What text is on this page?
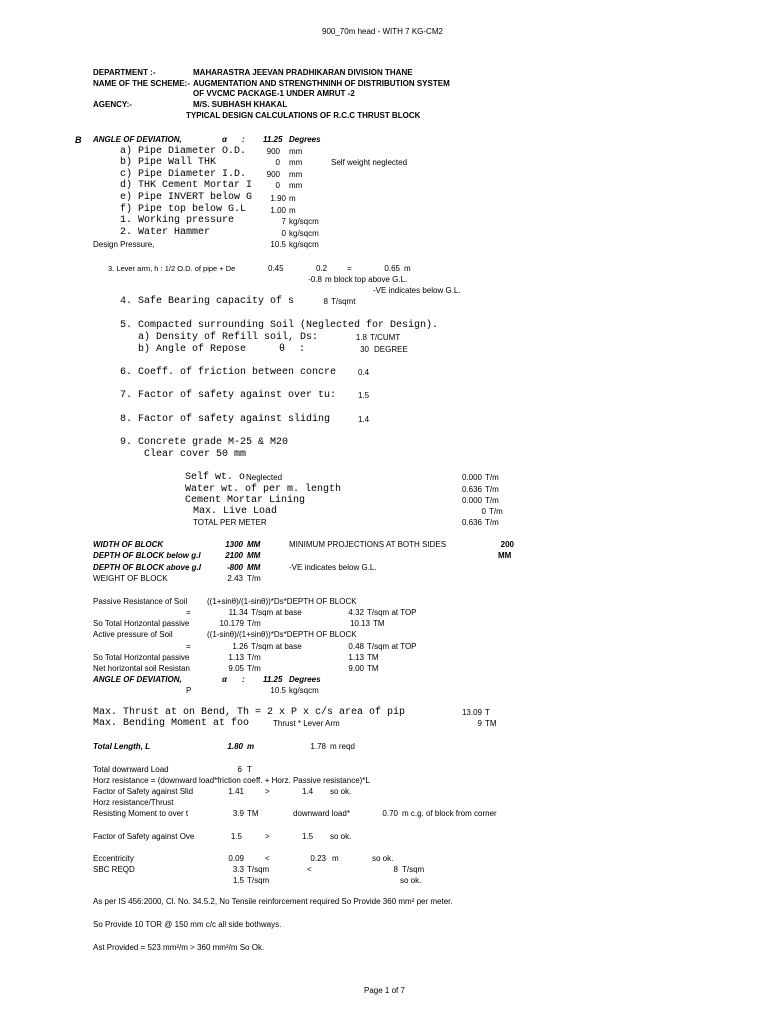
900_70m head - WITH 7 KG-CM2
DEPARTMENT :-	MAHARASTRA JEEVAN PRADHIKARAN DIVISION THANE
NAME OF THE SCHEME:- AUGMENTATION AND STRENGTHNINH OF DISTRIBUTION SYSTEM
OF VVCMC PACKAGE-1 UNDER AMRUT -2
AGENCY:-	M/S. SUBHASH KHAKAL
TYPICAL DESIGN CALCULATIONS OF R.C.C THRUST BLOCK
B ANGLE OF DEVIATION,	α : 11.25 Degrees
a) Pipe Diameter O.D.	900 mm
b) Pipe Wall THK	0 mm	Self weight neglected
c) Pipe Diameter I.D.	900 mm
d) THK Cement Mortar I	0 mm
e) Pipe INVERT below G	1.90 m
f) Pipe top below G.L	1.00 m
1. Working pressure	7 kg/sqcm
2. Water Hammer	0 kg/sqcm
Design Pressure,	10.5 kg/sqcm
3. Lever arm, h : 1/2 O.D. of pipe + De	0.45	0.2 =	0.65 m
-0.8 m block top above G.L.
-VE indicates below G.L.
4. Safe Bearing capacity of s	8 T/sqmt
5. Compacted surrounding Soil (Neglected for Design).
a) Density of Refill soil, Ds:	1.8 T/CUMT
b) Angle of Repose	θ :	30 DEGREE
6. Coeff. of friction between concre	0.4
7. Factor of safety against over tu:	1.5
8. Factor of safety against sliding	1.4
9. Concrete grade M-25 & M20
Clear cover 50 mm
Self wt. o Neglected	0.000 T/m
Water wt. of per m. length	0.636 T/m
Cement Mortar Lining	0.000 T/m
Max. Live Load	0 T/m
TOTAL PER METER	0.636 T/m
WIDTH OF BLOCK	1300 MM	MINIMUM PROJECTIONS AT BOTH SIDES	200
MM
DEPTH OF BLOCK below g.l	2100 MM
DEPTH OF BLOCK above g.l	-800 MM	-VE indicates below G.L.
WEIGHT OF BLOCK	2.43 T/m
Passive Resistance of Soil ((1+sinθ)/(1-sinθ))*Ds*DEPTH OF BLOCK
=	11.34 T/sqm at base	4.32 T/sqm at TOP
So Total Horizontal passive	10.179 T/m	10.13 TM
Active pressure of Soil	((1-sinθ)/(1+sinθ))*Ds*DEPTH OF BLOCK
=	1.26 T/sqm at base	0.48 T/sqm at TOP
So Total Horizontal passive	1.13 T/m	1.13 TM
Net horizontal soil Resistan	9.05 T/m	9.00 TM
ANGLE OF DEVIATION,	α : 11.25 Degrees
P	10.5 kg/sqcm
Max. Thrust at on Bend, Th = 2 x P x c/s area of pip	13.09 T
Max. Bending Moment at foo	Thrust * Lever Arm	9 TM
Total Length, L	1.80 m	1.78 m reqd
Total downward Load	6 T
Horz resistance = (downward load*friction coeff. + Horz. Passive resistance)*L
Factor of Safety against Slid	1.41	>	1.4 so ok.
Horz resistance/Thrust
Resisting Moment to over t	3.9 TM	downward load*	0.70 m c.g. of block from corner
Factor of Safety against Ove	1.5	>	1.5 so ok.
Eccentricity	0.09	<	0.23 m	so ok.
SBC REQD	3.3 T/sqm	<	8 T/sqm
1.5 T/sqm	so ok.
As per IS 456:2000, Cl. No. 34.5.2, No Tensile reinforcement required So Provide 360 mm² per meter.
So Provide 10 TOR @ 150 mm c/c all side bothways.
Ast Provided = 523 mm²/m > 360 mm²/m So Ok.
Page 1 of 7
